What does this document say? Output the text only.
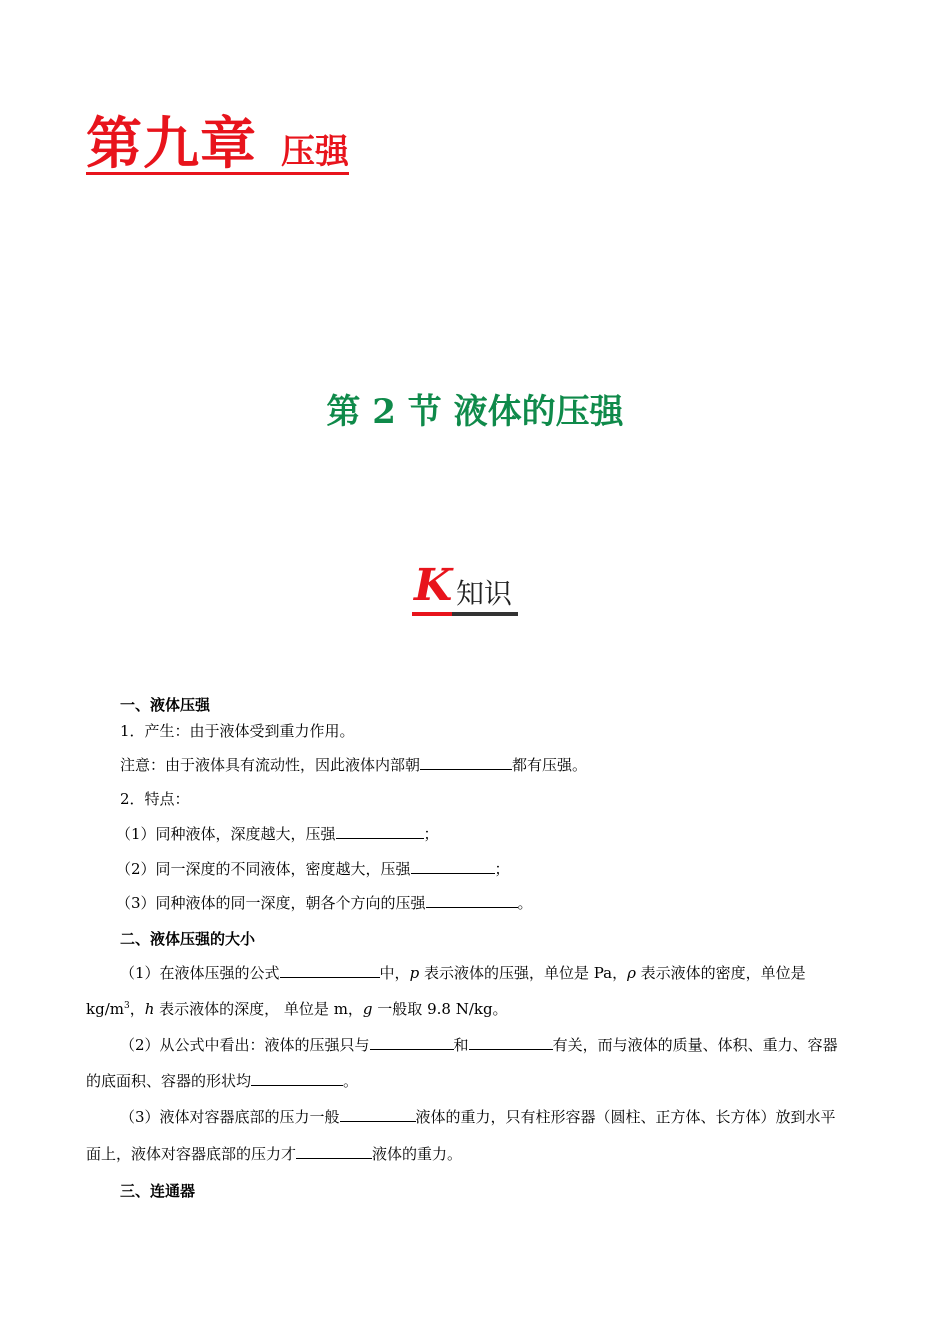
第九章 压强
第 2 节 液体的压强
K 知识
一、液体压强
1．产生：由于液体受到重力作用。
注意：由于液体具有流动性，因此液体内部朝	都有压强。
2．特点：
（1）同种液体，深度越大，压强	；
（2）同一深度的不同液体，密度越大，压强	；
（3）同种液体的同一深度，朝各个方向的压强	。
二、液体压强的大小
（1）在液体压强的公式	中，p 表示液体的压强，单位是 Pa，ρ 表示液体的密度，单位是
$kg/m^3$，h 表示液体的深度， 单位是 m，g 一般取 9.8 N/kg。
（2）从公式中看出：液体的压强只与	和	有关，而与液体的质量、体积、重力、容器
的底面积、容器的形状均	。
（3）液体对容器底部的压力一般	液体的重力，只有柱形容器（圆柱、正方体、长方体）放到水平
面上，液体对容器底部的压力才	液体的重力。
三、连通器
